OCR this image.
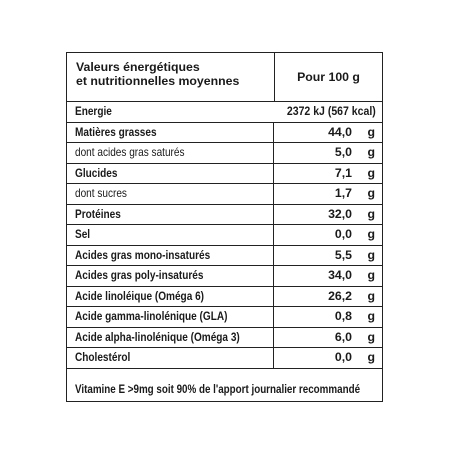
Valeurs énergétiques
et nutritionnelles moyennes	Pour 100 g
Energie	2372 kJ (567 kcal)
Matières grasses	44,0 g
dont acides gras saturés	5,0 g
Glucides	7,1 g
dont sucres	1,7 g
Protéines	32,0 g
Sel	0,0 g
Acides gras mono-insaturés	5,5 g
Acides gras poly-insaturés	34,0 g
Acide linoléique (Oméga 6)	26,2 g
Acide gamma-linolénique (GLA)	0,8 g
Acide alpha-linolénique (Oméga 3)	6,0 g
Cholestérol	0,0 g
Vitamine E >9mg soit 90% de l'apport journalier recommandé
